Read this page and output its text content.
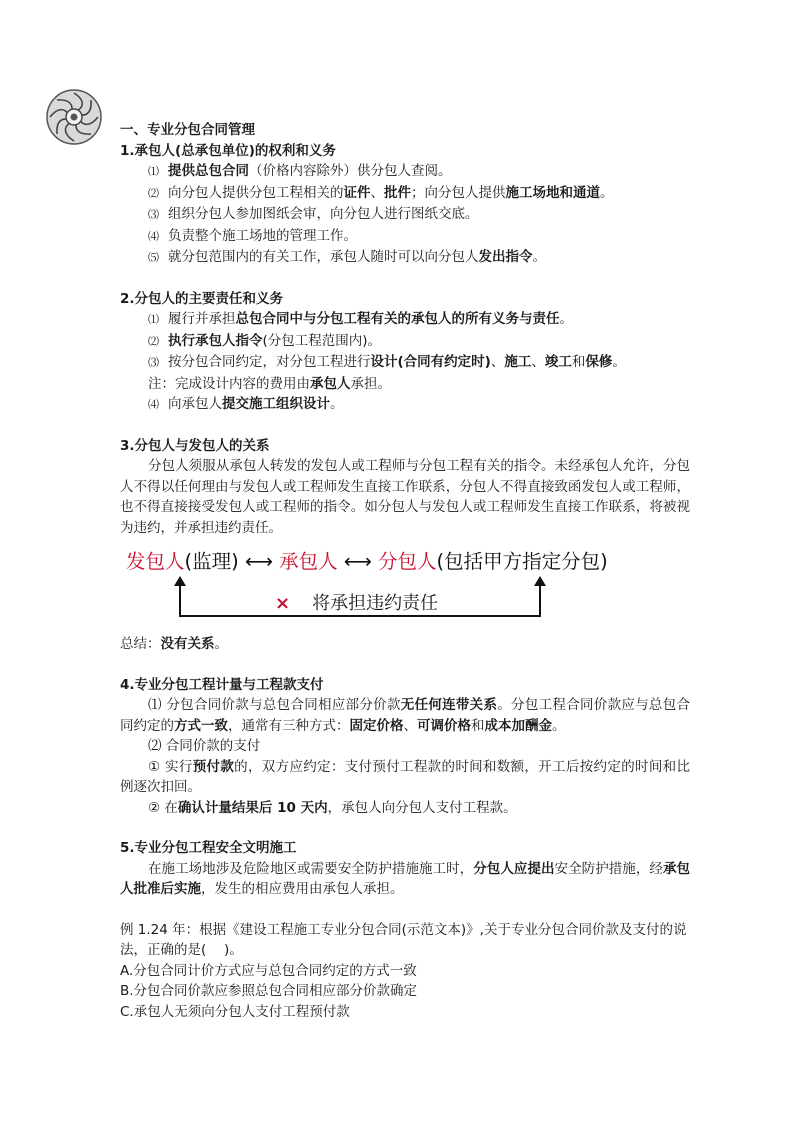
一、专业分包合同管理
1.承包人(总承包单位)的权利和义务
⑴ 提供总包合同（价格内容除外）供分包人查阅。
⑵ 向分包人提供分包工程相关的证件、批件；向分包人提供施工场地和通道。
⑶ 组织分包人参加图纸会审，向分包人进行图纸交底。
⑷ 负责整个施工场地的管理工作。
⑸ 就分包范围内的有关工作，承包人随时可以向分包人发出指令。
2.分包人的主要责任和义务
⑴ 履行并承担总包合同中与分包工程有关的承包人的所有义务与责任。
⑵ 执行承包人指令(分包工程范围内)。
⑶ 按分包合同约定，对分包工程进行设计(合同有约定时)、施工、竣工和保修。
注：完成设计内容的费用由承包人承担。
⑷ 向承包人提交施工组织设计。
3.分包人与发包人的关系
分包人须服从承包人转发的发包人或工程师与分包工程有关的指令。未经承包人允许，分包人不得以任何理由与发包人或工程师发生直接工作联系，分包人不得直接致函发包人或工程师，也不得直接接受发包人或工程师的指令。如分包人与发包人或工程师发生直接工作联系，将被视为违约，并承担违约责任。
发包人(监理) ⟷ 承包人 ⟷ 分包人(包括甲方指定分包)
× 将承担违约责任
总结：没有关系。
4.专业分包工程计量与工程款支付
⑴ 分包合同价款与总包合同相应部分价款无任何连带关系。分包工程合同价款应与总包合同约定的方式一致，通常有三种方式：固定价格、可调价格和成本加酬金。
⑵ 合同价款的支付
① 实行预付款的，双方应约定：支付预付工程款的时间和数额，开工后按约定的时间和比例逐次扣回。
② 在确认计量结果后 10 天内，承包人向分包人支付工程款。
5.专业分包工程安全文明施工
在施工场地涉及危险地区或需要安全防护措施施工时，分包人应提出安全防护措施，经承包人批准后实施，发生的相应费用由承包人承担。
例 1.24 年：根据《建设工程施工专业分包合同(示范文本)》,关于专业分包合同价款及支付的说法，正确的是(　 )。
A.分包合同计价方式应与总包合同约定的方式一致
B.分包合同价款应参照总包合同相应部分价款确定
C.承包人无须向分包人支付工程预付款
